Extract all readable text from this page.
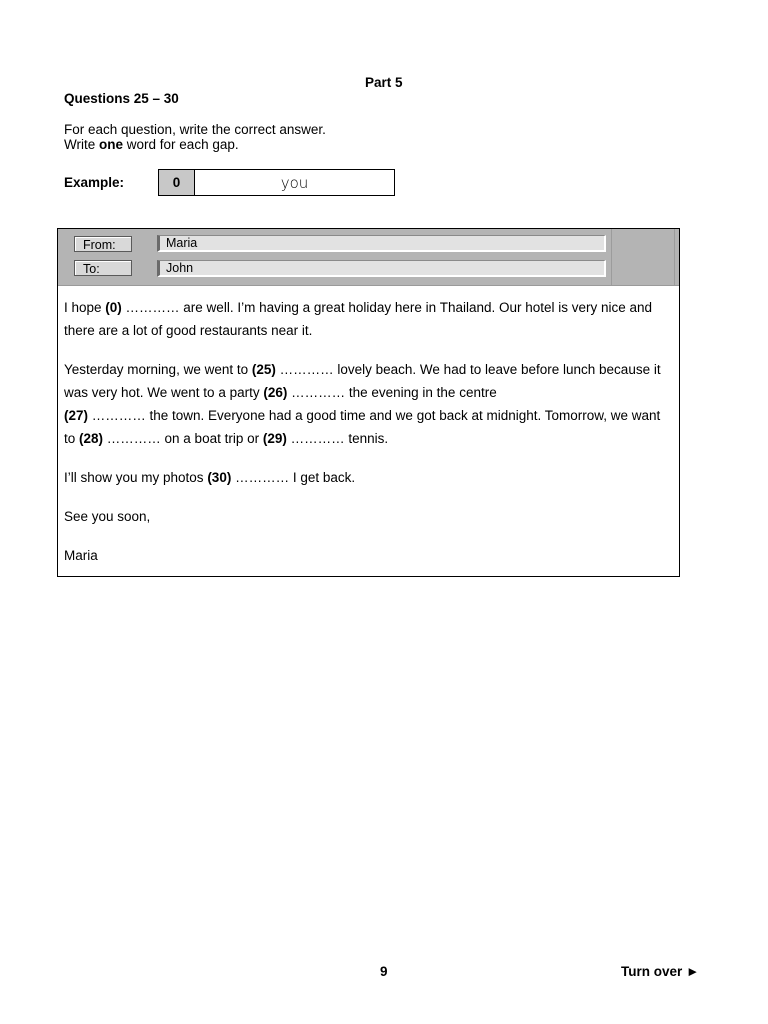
Part 5
Questions 25 – 30
For each question, write the correct answer.
Write one word for each gap.
Example:	0	you
From:	Maria
To:	John

I hope (0) ………… are well. I’m having a great holiday here in Thailand. Our hotel is very nice and there are a lot of good restaurants near it.

Yesterday morning, we went to (25) ………… lovely beach. We had to leave before lunch because it was very hot. We went to a party (26) ………… the evening in the centre
(27) ………… the town. Everyone had a good time and we got back at midnight. Tomorrow, we want to (28) ………… on a boat trip or (29) ………… tennis.

I’ll show you my photos (30) ………… I get back.

See you soon,

Maria

9	Turn over ►
